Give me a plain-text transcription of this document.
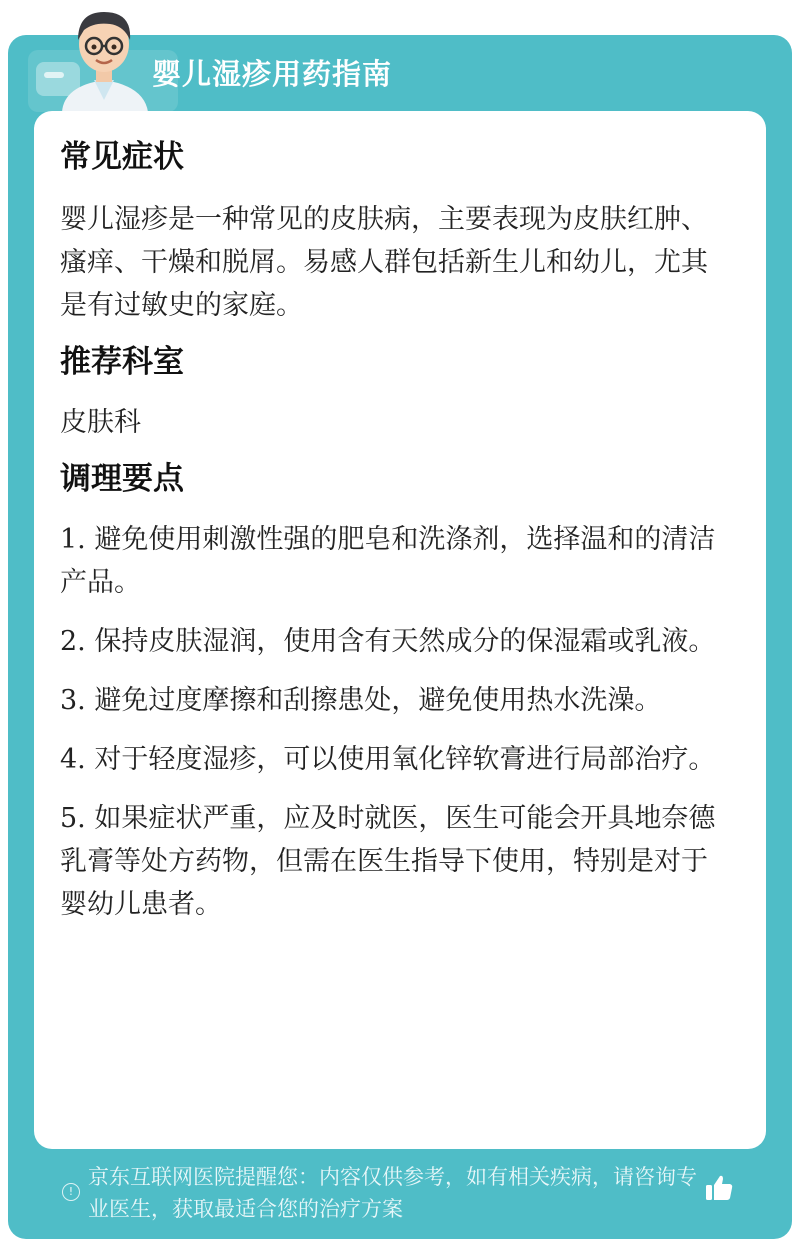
婴儿湿疹用药指南
常见症状

婴儿湿疹是一种常见的皮肤病，主要表现为皮肤红肿、瘙痒、干燥和脱屑。易感人群包括新生儿和幼儿，尤其是有过敏史的家庭。

推荐科室

皮肤科

调理要点
1. 避免使用刺激性强的肥皂和洗涤剂，选择温和的清洁产品。
2. 保持皮肤湿润，使用含有天然成分的保湿霜或乳液。
3. 避免过度摩擦和刮擦患处，避免使用热水洗澡。
4. 对于轻度湿疹，可以使用氧化锌软膏进行局部治疗。
5. 如果症状严重，应及时就医，医生可能会开具地奈德乳膏等处方药物，但需在医生指导下使用，特别是对于婴幼儿患者。
!
京东互联网医院提醒您：内容仅供参考，如有相关疾病，请咨询专业医生，获取最适合您的治疗方案
